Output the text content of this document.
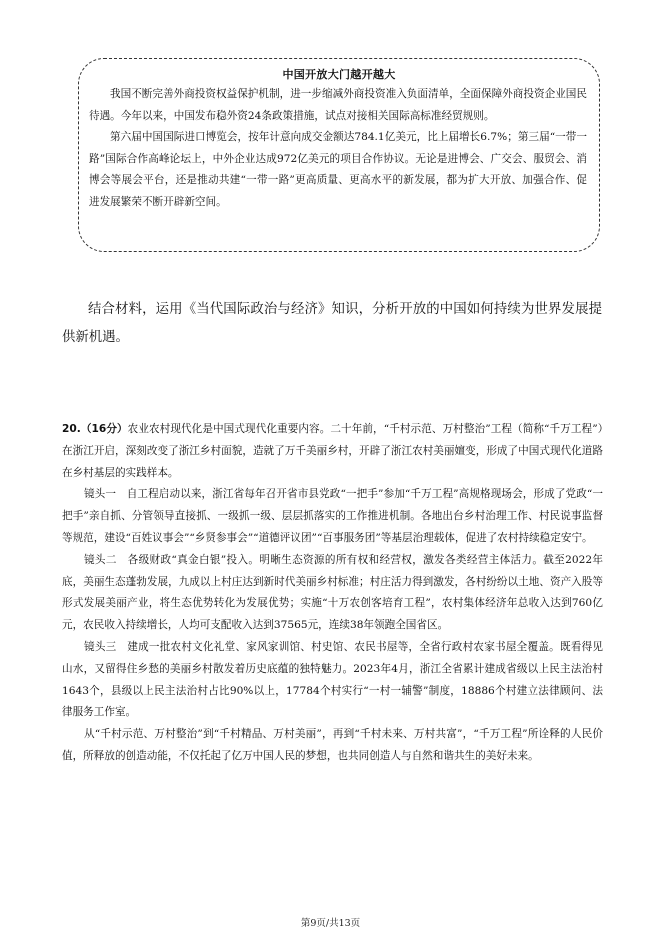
中国开放大门越开越大

我国不断完善外商投资权益保护机制，进一步缩减外商投资准入负面清单，全面保障外商投资企业国民待遇。今年以来，中国发布稳外资24条政策措施，试点对接相关国际高标准经贸规则。

第六届中国国际进口博览会，按年计意向成交金额达784.1亿美元，比上届增长6.7%；第三届“一带一路”国际合作高峰论坛上，中外企业达成972亿美元的项目合作协议。无论是进博会、广交会、服贸会、消博会等展会平台，还是推动共建“一带一路”更高质量、更高水平的新发展，都为扩大开放、加强合作、促进发展繁荣不断开辟新空间。

结合材料，运用《当代国际政治与经济》知识，分析开放的中国如何持续为世界发展提供新机遇。

20.（16分）农业农村现代化是中国式现代化重要内容。二十年前，“千村示范、万村整治”工程（简称“千万工程”）在浙江开启，深刻改变了浙江乡村面貌，造就了万千美丽乡村，开辟了浙江农村美丽嬗变，形成了中国式现代化道路在乡村基层的实践样本。

镜头一　自工程启动以来，浙江省每年召开省市县党政“一把手”参加“千万工程”高规格现场会，形成了党政“一把手”亲自抓、分管领导直接抓、一级抓一级、层层抓落实的工作推进机制。各地出台乡村治理工作、村民说事监督等规范，建设“百姓议事会”“乡贤参事会”“道德评议团”“百事服务团”等基层治理载体，促进了农村持续稳定安宁。

镜头二　各级财政“真金白银”投入。明晰生态资源的所有权和经营权，激发各类经营主体活力。截至2022年底，美丽生态蓬勃发展，九成以上村庄达到新时代美丽乡村标准；村庄活力得到激发，各村纷纷以土地、资产入股等形式发展美丽产业，将生态优势转化为发展优势；实施“十万农创客培育工程”，农村集体经济年总收入达到760亿元，农民收入持续增长，人均可支配收入达到37565元，连续38年领跑全国省区。

镜头三　建成一批农村文化礼堂、家风家训馆、村史馆、农民书屋等，全省行政村农家书屋全覆盖。既看得见山水，又留得住乡愁的美丽乡村散发着历史底蕴的独特魅力。2023年4月，浙江全省累计建成省级以上民主法治村1643个，县级以上民主法治村占比90%以上，17784个村实行“一村一辅警”制度，18886个村建立法律顾问、法律服务工作室。

从“千村示范、万村整治”到“千村精品、万村美丽”，再到“千村未来、万村共富”，“千万工程”所诠释的人民价值，所释放的创造动能，不仅托起了亿万中国人民的梦想，也共同创造人与自然和谐共生的美好未来。

第9页/共13页
